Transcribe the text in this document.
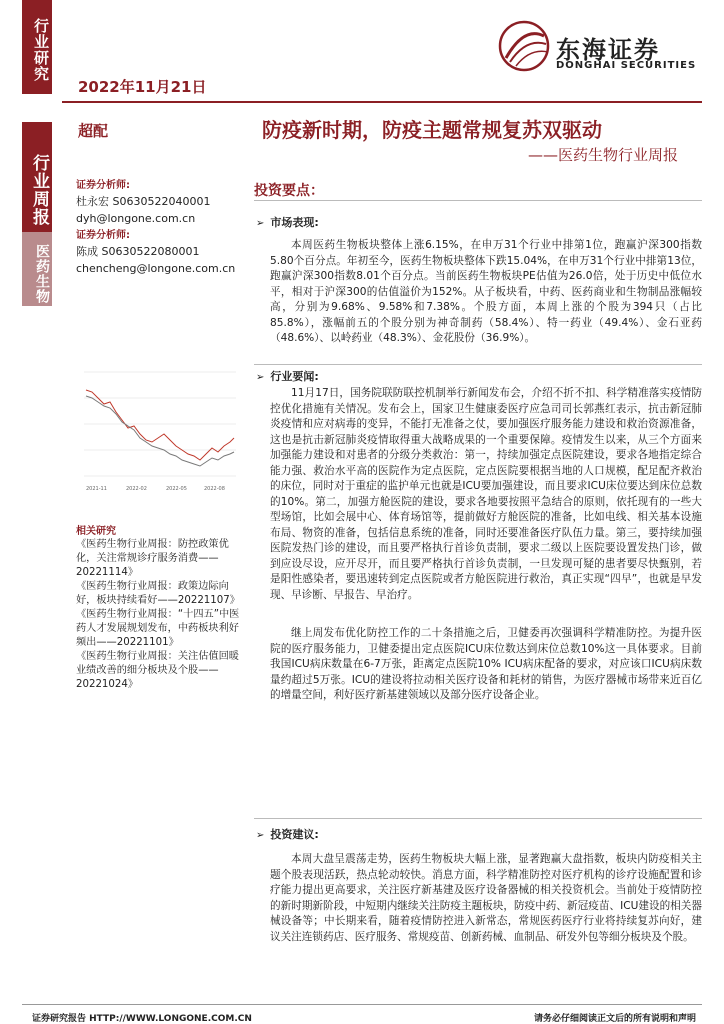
行业研究
行业周报
医药生物
东海证券
DONGHAI SECURITIES
2022年11月21日
超配	防疫新时期，防疫主题常规复苏双驱动
——医药生物行业周报
证券分析师:
杜永宏 S0630522040001
dyh@longone.com.cn
证券分析师:
陈成 S0630522080001
chencheng@longone.com.cn
2021-11	2022-02	2022-05	2022-08
相关研究
《医药生物行业周报：防控政策优化，关注常规诊疗服务消费——20221114》
《医药生物行业周报：政策边际向好，板块持续看好——20221107》
《医药生物行业周报：“十四五”中医药人才发展规划发布，中药板块利好频出——20221101》
《医药生物行业周报：关注估值回暖业绩改善的细分板块及个股——20221024》
投资要点：
➢ 市场表现:
本周医药生物板块整体上涨6.15%，在申万31个行业中排第1位，跑赢沪深300指数5.80个百分点。年初至今，医药生物板块整体下跌15.04%，在申万31个行业中排第13位，跑赢沪深300指数8.01个百分点。当前医药生物板块PE估值为26.0倍，处于历史中低位水平，相对于沪深300的估值溢价为152%。从子板块看，中药、医药商业和生物制品涨幅较高，分别为9.68%、9.58%和7.38%。个股方面，本周上涨的个股为394只（占比85.8%），涨幅前五的个股分别为神奇制药（58.4%）、特一药业（49.4%）、金石亚药（48.6%）、以岭药业（48.3%）、金花股份（36.9%）。
➢ 行业要闻:
11月17日，国务院联防联控机制举行新闻发布会，介绍不折不扣、科学精准落实疫情防控优化措施有关情况。发布会上，国家卫生健康委医疗应急司司长郭燕红表示，抗击新冠肺炎疫情和应对病毒的变异，不能打无准备之仗，要加强医疗服务能力建设和救治资源准备，这也是抗击新冠肺炎疫情取得重大战略成果的一个重要保障。疫情发生以来，从三个方面来加强能力建设和对患者的分级分类救治：第一，持续加强定点医院建设，要求各地指定综合能力强、救治水平高的医院作为定点医院，定点医院要根据当地的人口规模，配足配齐救治的床位，同时对于重症的监护单元也就是ICU要加强建设，而且要求ICU床位要达到床位总数的10%。第二，加强方舱医院的建设，要求各地要按照平急结合的原则，依托现有的一些大型场馆，比如会展中心、体育场馆等，提前做好方舱医院的准备，比如电线、相关基本设施布局、物资的准备，包括信息系统的准备，同时还要准备医疗队伍力量。第三，要持续加强医院发热门诊的建设，而且要严格执行首诊负责制，要求二级以上医院要设置发热门诊，做到应设尽设，应开尽开，而且要严格执行首诊负责制，一旦发现可疑的患者要尽快甄别，若是阳性感染者，要迅速转到定点医院或者方舱医院进行救治，真正实现“四早”，也就是早发现、早诊断、早报告、早治疗。
继上周发布优化防控工作的二十条措施之后，卫健委再次强调科学精准防控。为提升医院的医疗服务能力，卫健委提出定点医院ICU床位数达到床位总数10%这一具体要求。目前我国ICU病床数量在6-7万张，距离定点医院10% ICU病床配备的要求，对应该口ICU病床数量约超过5万张。ICU的建设将拉动相关医疗设备和耗材的销售，为医疗器械市场带来近百亿的增量空间，利好医疗新基建领域以及部分医疗设备企业。
➢ 投资建议:
本周大盘呈震荡走势，医药生物板块大幅上涨，显著跑赢大盘指数，板块内防疫相关主题个股表现活跃，热点轮动较快。消息方面，科学精准防控对医疗机构的诊疗设施配置和诊疗能力提出更高要求，关注医疗新基建及医疗设备器械的相关投资机会。当前处于疫情防控的新时期新阶段，中短期内继续关注防疫主题板块，防疫中药、新冠疫苗、ICU建设的相关器械设备等；中长期来看，随着疫情防控进入新常态，常规医药医疗行业将持续复苏向好，建议关注连锁药店、医疗服务、常规疫苗、创新药械、血制品、研发外包等细分板块及个股。
证券研究报告 HTTP://WWW.LONGONE.COM.CN	请务必仔细阅读正文后的所有说明和声明
